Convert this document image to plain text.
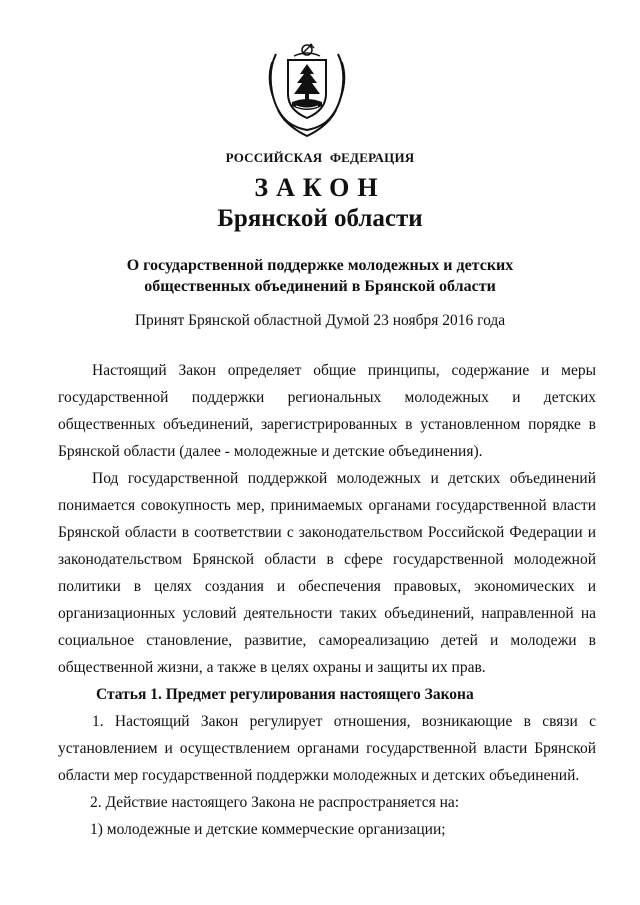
РОССИЙСКАЯ ФЕДЕРАЦИЯ
ЗАКОН
Брянской области
О государственной поддержке молодежных и детских
общественных объединений в Брянской области
Принят Брянской областной Думой 23 ноября 2016 года

Настоящий Закон определяет общие принципы, содержание и меры государственной поддержки региональных молодежных и детских общественных объединений, зарегистрированных в установленном порядке в Брянской области (далее - молодежные и детские объединения).

Под государственной поддержкой молодежных и детских объединений понимается совокупность мер, принимаемых органами государственной власти Брянской области в соответствии с законодательством Российской Федерации и законодательством Брянской области в сфере государственной молодежной политики в целях создания и обеспечения правовых, экономических и организационных условий деятельности таких объединений, направленной на социальное становление, развитие, самореализацию детей и молодежи в общественной жизни, а также в целях охраны и защиты их прав.

Статья 1. Предмет регулирования настоящего Закона

1. Настоящий Закон регулирует отношения, возникающие в связи с установлением и осуществлением органами государственной власти Брянской области мер государственной поддержки молодежных и детских объединений.

2. Действие настоящего Закона не распространяется на:

1) молодежные и детские коммерческие организации;
